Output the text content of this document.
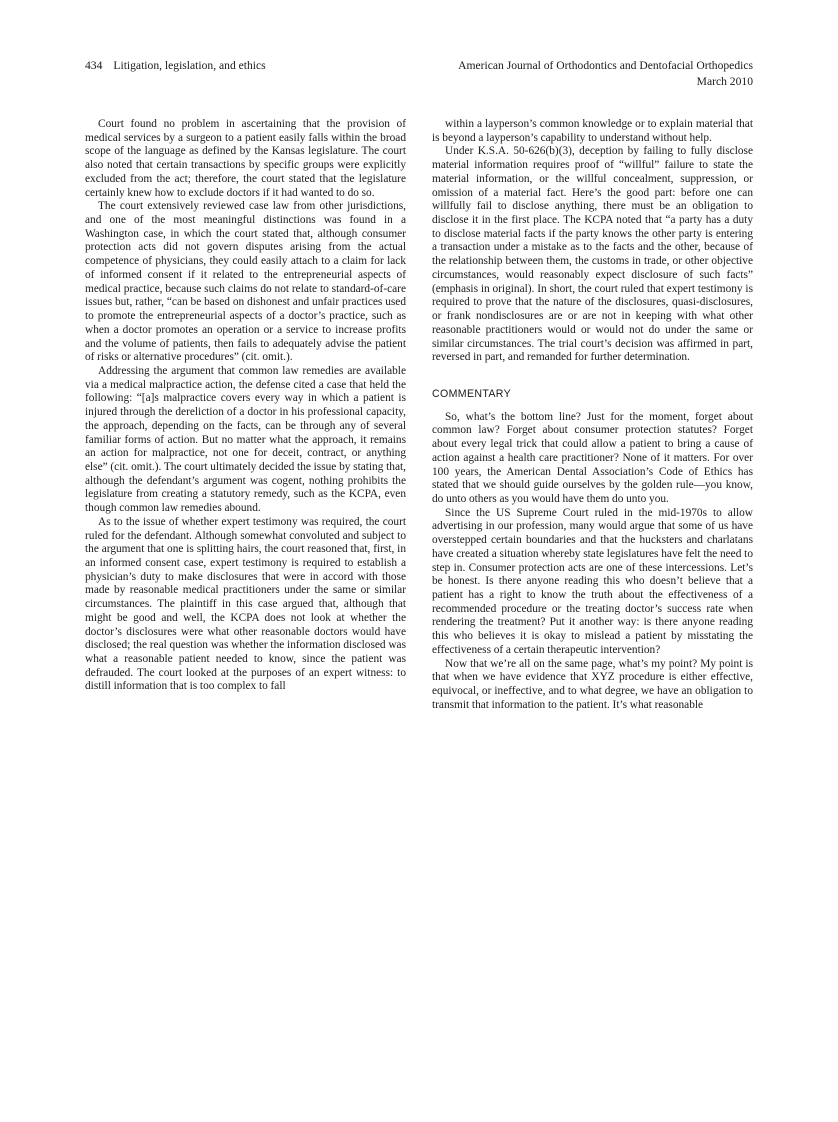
434 Litigation, legislation, and ethics	American Journal of Orthodontics and Dentofacial Orthopedics
March 2010

Court found no problem in ascertaining that the provision of medical services by a surgeon to a patient easily falls within the broad scope of the language as defined by the Kansas legislature. The court also noted that certain transactions by specific groups were explicitly excluded from the act; therefore, the court stated that the legislature certainly knew how to exclude doctors if it had wanted to do so.

The court extensively reviewed case law from other jurisdictions, and one of the most meaningful distinctions was found in a Washington case, in which the court stated that, although consumer protection acts did not govern disputes arising from the actual competence of physicians, they could easily attach to a claim for lack of informed consent if it related to the entrepreneurial aspects of medical practice, because such claims do not relate to standard-of-care issues but, rather, “can be based on dishonest and unfair practices used to promote the entrepreneurial aspects of a doctor’s practice, such as when a doctor promotes an operation or a service to increase profits and the volume of patients, then fails to adequately advise the patient of risks or alternative procedures” (cit. omit.).

Addressing the argument that common law remedies are available via a medical malpractice action, the defense cited a case that held the following: “[a]s malpractice covers every way in which a patient is injured through the dereliction of a doctor in his professional capacity, the approach, depending on the facts, can be through any of several familiar forms of action. But no matter what the approach, it remains an action for malpractice, not one for deceit, contract, or anything else” (cit. omit.). The court ultimately decided the issue by stating that, although the defendant’s argument was cogent, nothing prohibits the legislature from creating a statutory remedy, such as the KCPA, even though common law remedies abound.

As to the issue of whether expert testimony was required, the court ruled for the defendant. Although somewhat convoluted and subject to the argument that one is splitting hairs, the court reasoned that, first, in an informed consent case, expert testimony is required to establish a physician’s duty to make disclosures that were in accord with those made by reasonable medical practitioners under the same or similar circumstances. The plaintiff in this case argued that, although that might be good and well, the KCPA does not look at whether the doctor’s disclosures were what other reasonable doctors would have disclosed; the real question was whether the information disclosed was what a reasonable patient needed to know, since the patient was defrauded. The court looked at the purposes of an expert witness: to distill information that is too complex to fall

within a layperson’s common knowledge or to explain material that is beyond a layperson’s capability to understand without help.

Under K.S.A. 50-626(b)(3), deception by failing to fully disclose material information requires proof of “willful” failure to state the material information, or the willful concealment, suppression, or omission of a material fact. Here’s the good part: before one can willfully fail to disclose anything, there must be an obligation to disclose it in the first place. The KCPA noted that “a party has a duty to disclose material facts if the party knows the other party is entering a transaction under a mistake as to the facts and the other, because of the relationship between them, the customs in trade, or other objective circumstances, would reasonably expect disclosure of such facts” (emphasis in original). In short, the court ruled that expert testimony is required to prove that the nature of the disclosures, quasi-disclosures, or frank nondisclosures are or are not in keeping with what other reasonable practitioners would or would not do under the same or similar circumstances. The trial court’s decision was affirmed in part, reversed in part, and remanded for further determination.

COMMENTARY

So, what’s the bottom line? Just for the moment, forget about common law? Forget about consumer protection statutes? Forget about every legal trick that could allow a patient to bring a cause of action against a health care practitioner? None of it matters. For over 100 years, the American Dental Association’s Code of Ethics has stated that we should guide ourselves by the golden rule—you know, do unto others as you would have them do unto you.

Since the US Supreme Court ruled in the mid-1970s to allow advertising in our profession, many would argue that some of us have overstepped certain boundaries and that the hucksters and charlatans have created a situation whereby state legislatures have felt the need to step in. Consumer protection acts are one of these intercessions. Let’s be honest. Is there anyone reading this who doesn’t believe that a patient has a right to know the truth about the effectiveness of a recommended procedure or the treating doctor’s success rate when rendering the treatment? Put it another way: is there anyone reading this who believes it is okay to mislead a patient by misstating the effectiveness of a certain therapeutic intervention?

Now that we’re all on the same page, what’s my point? My point is that when we have evidence that XYZ procedure is either effective, equivocal, or ineffective, and to what degree, we have an obligation to transmit that information to the patient. It’s what reasonable
